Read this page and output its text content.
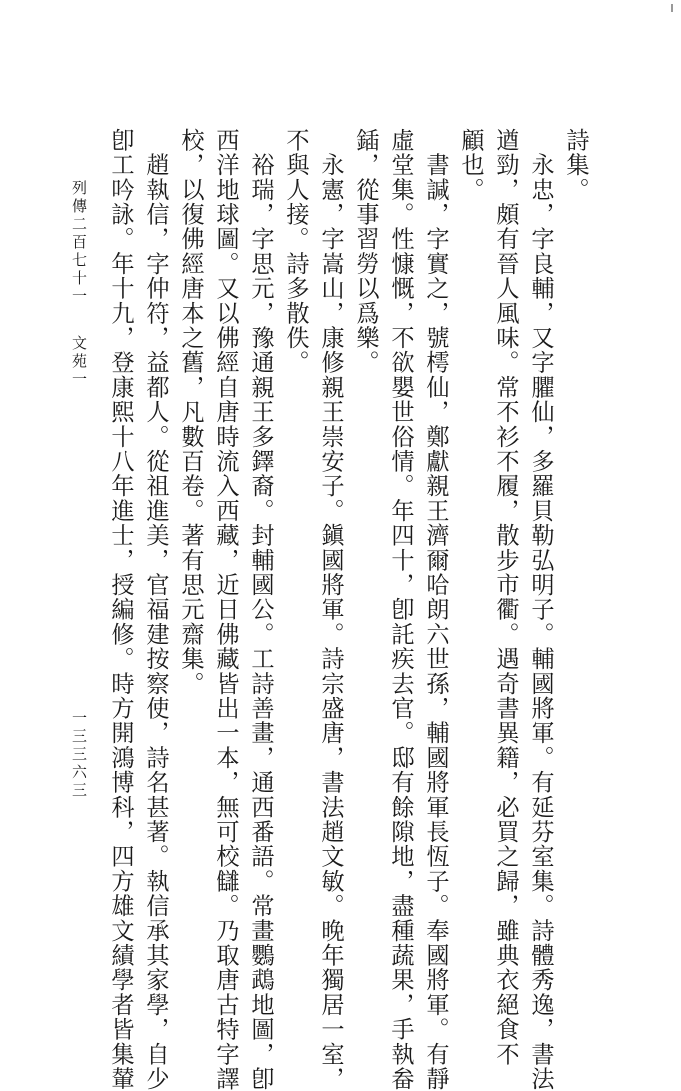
詩集。
　永忠，字良輔，又字臞仙，多羅貝勒弘明子。輔國將軍。有延芬室集。詩體秀逸，書法
遒勁，頗有晉人風味。常不衫不履，散步市衢。遇奇書異籍，必買之歸，雖典衣絕食不
顧也。
　書諴，字實之，號樗仙，鄭獻親王濟爾哈朗六世孫，輔國將軍長恆子。奉國將軍。有靜
虛堂集。性慷慨，不欲嬰世俗情。年四十，卽託疾去官。邸有餘隙地，盡種蔬果，手執畚
鍤，從事習勞以爲樂。
　永憲，字嵩山，康修親王崇安子。鎭國將軍。詩宗盛唐，書法趙文敏。晚年獨居一室，
不與人接。詩多散佚。
　裕瑞，字思元，豫通親王多鐸裔。封輔國公。工詩善畫，通西番語。常畫鸚鵡地圖，卽
西洋地球圖。又以佛經自唐時流入西藏，近日佛藏皆出一本，無可校讎。乃取唐古特字譯
校，以復佛經唐本之舊，凡數百卷。著有思元齋集。
　趙執信，字仲符，益都人。從祖進美，官福建按察使，詩名甚著。執信承其家學，自少
卽工吟詠。年十九，登康熙十八年進士，授編修。時方開鴻博科，四方雄文績學者皆集輦
列傳二百七十一
文苑一
一三三六三
